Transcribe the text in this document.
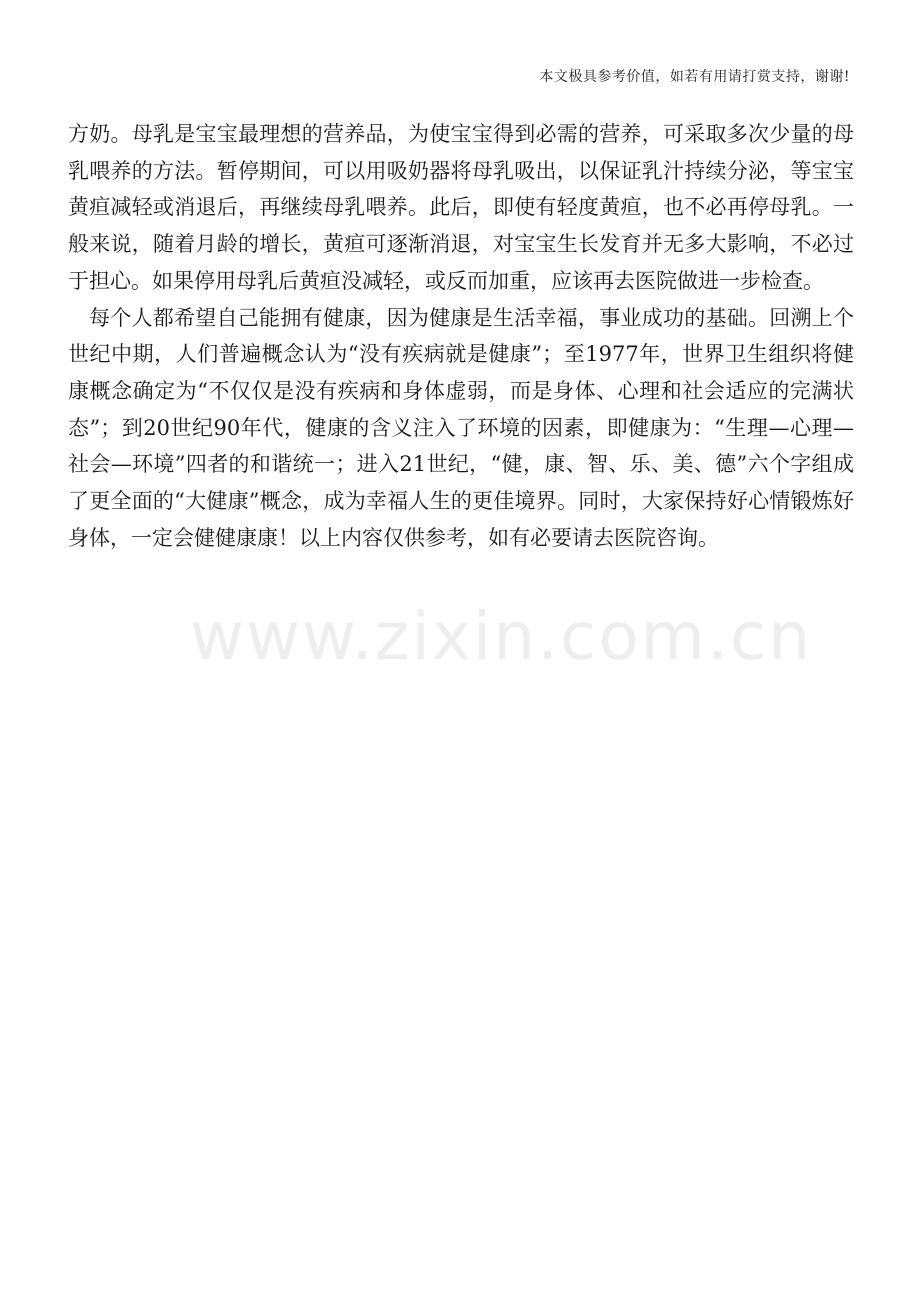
本文极具参考价值，如若有用请打赏支持，谢谢!
www.zixin.com.cn

方奶。母乳是宝宝最理想的营养品，为使宝宝得到必需的营养，可采取多次少量的母乳喂养的方法。暂停期间，可以用吸奶器将母乳吸出，以保证乳汁持续分泌，等宝宝黄疸减轻或消退后，再继续母乳喂养。此后，即使有轻度黄疸，也不必再停母乳。一般来说，随着月龄的增长，黄疸可逐渐消退，对宝宝生长发育并无多大影响，不必过于担心。如果停用母乳后黄疸没减轻，或反而加重，应该再去医院做进一步检查。

每个人都希望自己能拥有健康，因为健康是生活幸福，事业成功的基础。回溯上个世纪中期，人们普遍概念认为“没有疾病就是健康”；至1977年，世界卫生组织将健康概念确定为“不仅仅是没有疾病和身体虚弱，而是身体、心理和社会适应的完满状态”；到20世纪90年代，健康的含义注入了环境的因素，即健康为：“生理—心理—社会—环境”四者的和谐统一；进入21世纪，“健，康、智、乐、美、德”六个字组成了更全面的“大健康”概念，成为幸福人生的更佳境界。同时，大家保持好心情锻炼好身体，一定会健健康康！以上内容仅供参考，如有必要请去医院咨询。
